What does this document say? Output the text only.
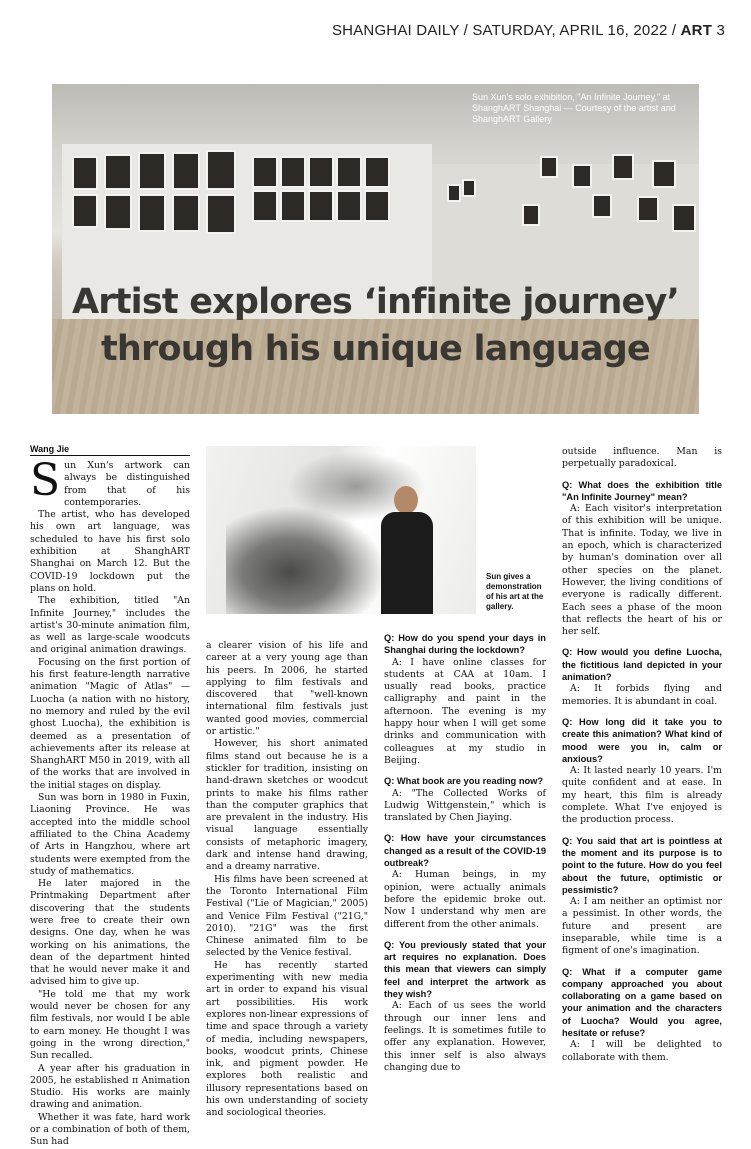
SHANGHAI DAILY / SATURDAY, APRIL 16, 2022 / ART 3
Sun Xun's solo exhibition, "An Infinite Journey," at ShanghART Shanghai — Courtesy of the artist and ShanghART Gallery
Artist explores ‘infinite journey’
through his unique language
Wang Jie

Sun Xun's artwork can always be distinguished from that of his contemporaries.

The artist, who has developed his own art language, was scheduled to have his first solo exhibition at ShanghART Shanghai on March 12. But the COVID-19 lockdown put the plans on hold.

The exhibition, titled "An Infinite Journey," includes the artist's 30-minute animation film, as well as large-scale woodcuts and original animation drawings.

Focusing on the first portion of his first feature-length narrative animation "Magic of Atlas" — Luocha (a nation with no history, no memory and ruled by the evil ghost Luocha), the exhibition is deemed as a presentation of achievements after its release at ShanghART M50 in 2019, with all of the works that are involved in the initial stages on display.

Sun was born in 1980 in Fuxin, Liaoning Province. He was accepted into the middle school affiliated to the China Academy of Arts in Hangzhou, where art students were exempted from the study of mathematics.

He later majored in the Printmaking Department after discovering that the students were free to create their own designs. One day, when he was working on his animations, the dean of the department hinted that he would never make it and advised him to give up.

"He told me that my work would never be chosen for any film festivals, nor would I be able to earn money. He thought I was going in the wrong direction," Sun recalled.

A year after his graduation in 2005, he established π Animation Studio. His works are mainly drawing and animation.

Whether it was fate, hard work or a combination of both of them, Sun had

Sun gives a demonstration of his art at the gallery.

a clearer vision of his life and career at a very young age than his peers. In 2006, he started applying to film festivals and discovered that "well-known international film festivals just wanted good movies, commercial or artistic."

However, his short animated films stand out because he is a stickler for tradition, insisting on hand-drawn sketches or woodcut prints to make his films rather than the computer graphics that are prevalent in the industry. His visual language essentially consists of metaphoric imagery, dark and intense hand drawing, and a dreamy narrative.

His films have been screened at the Toronto International Film Festival ("Lie of Magician," 2005) and Venice Film Festival ("21G," 2010). "21G" was the first Chinese animated film to be selected by the Venice festival.

He has recently started experimenting with new media art in order to expand his visual art possibilities. His work explores non-linear expressions of time and space through a variety of media, including newspapers, books, woodcut prints, Chinese ink, and pigment powder. He explores both realistic and illusory representations based on his own understanding of society and sociological theories.

Q: How do you spend your days in Shanghai during the lockdown?

A: I have online classes for students at CAA at 10am. I usually read books, practice calligraphy and paint in the afternoon. The evening is my happy hour when I will get some drinks and communication with colleagues at my studio in Beijing.

Q: What book are you reading now?

A: "The Collected Works of Ludwig Wittgenstein," which is translated by Chen Jiaying.

Q: How have your circumstances changed as a result of the COVID-19 outbreak?

A: Human beings, in my opinion, were actually animals before the epidemic broke out. Now I understand why men are different from the other animals.

Q: You previously stated that your art requires no explanation. Does this mean that viewers can simply feel and interpret the artwork as they wish?

A: Each of us sees the world through our inner lens and feelings. It is sometimes futile to offer any explanation. However, this inner self is also always changing due to

outside influence. Man is perpetually paradoxical.

Q: What does the exhibition title "An Infinite Journey" mean?

A: Each visitor's interpretation of this exhibition will be unique. That is infinite. Today, we live in an epoch, which is characterized by human's domination over all other species on the planet. However, the living conditions of everyone is radically different. Each sees a phase of the moon that reflects the heart of his or her self.

Q: How would you define Luocha, the fictitious land depicted in your animation?

A: It forbids flying and memories. It is abundant in coal.

Q: How long did it take you to create this animation? What kind of mood were you in, calm or anxious?

A: It lasted nearly 10 years. I'm quite confident and at ease. In my heart, this film is already complete. What I've enjoyed is the production process.

Q: You said that art is pointless at the moment and its purpose is to point to the future. How do you feel about the future, optimistic or pessimistic?

A: I am neither an optimist nor a pessimist. In other words, the future and present are inseparable, while time is a figment of one's imagination.

Q: What if a computer game company approached you about collaborating on a game based on your animation and the characters of Luocha? Would you agree, hesitate or refuse?

A: I will be delighted to collaborate with them.
